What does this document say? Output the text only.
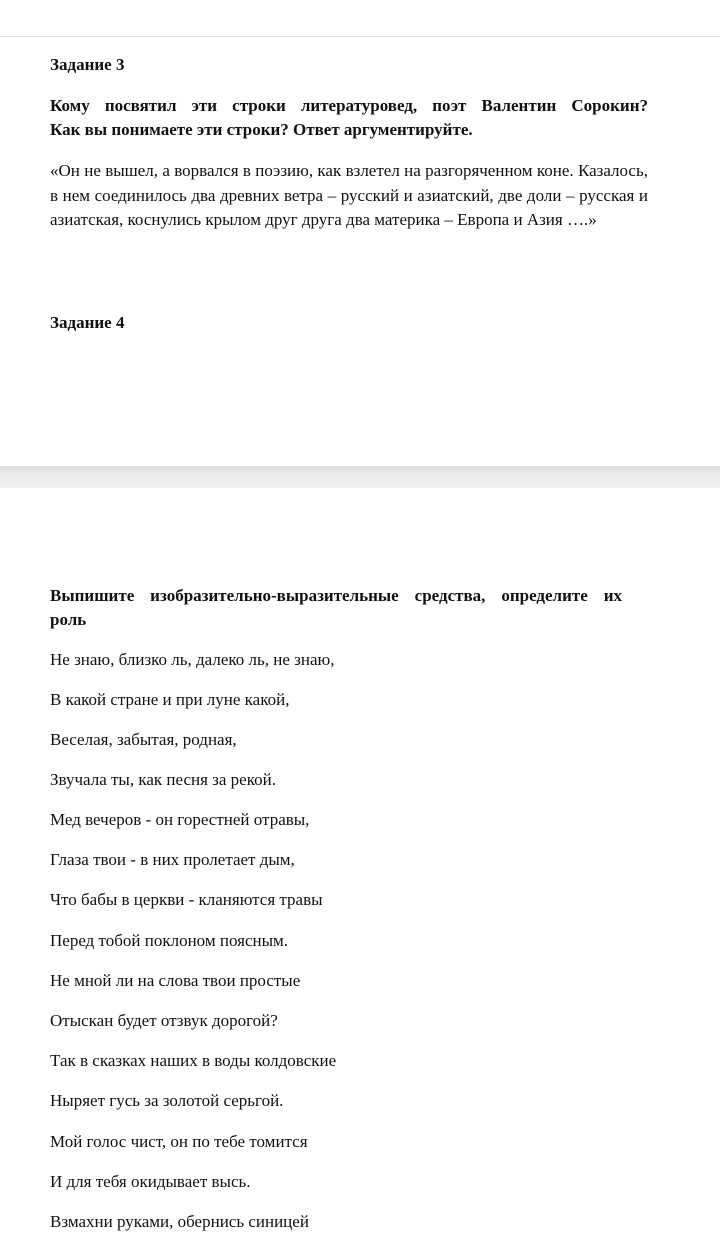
Задание 3
Кому посвятил эти строки литературовед, поэт Валентин Сорокин?
Как вы понимаете эти строки? Ответ аргументируйте.
«Он не вышел, а ворвался в поэзию, как взлетел на разгоряченном коне. Казалось, в нем соединилось два древних ветра – русский и азиатский, две доли – русская и азиатская, коснулись крылом друг друга два материка – Европа и Азия ….»
Задание 4
Выпишите изобразительно-выразительные средства, определите их
роль
Не знаю, близко ль, далеко ль, не знаю,
В какой стране и при луне какой,
Веселая, забытая, родная,
Звучала ты, как песня за рекой.
Мед вечеров - он горестней отравы,
Глаза твои - в них пролетает дым,
Что бабы в церкви - кланяются травы
Перед тобой поклоном поясным.
Не мной ли на слова твои простые
Отыскан будет отзвук дорогой?
Так в сказках наших в воды колдовские
Ныряет гусь за золотой серьгой.
Мой голос чист, он по тебе томится
И для тебя окидывает высь.
Взмахни руками, обернись синицей
